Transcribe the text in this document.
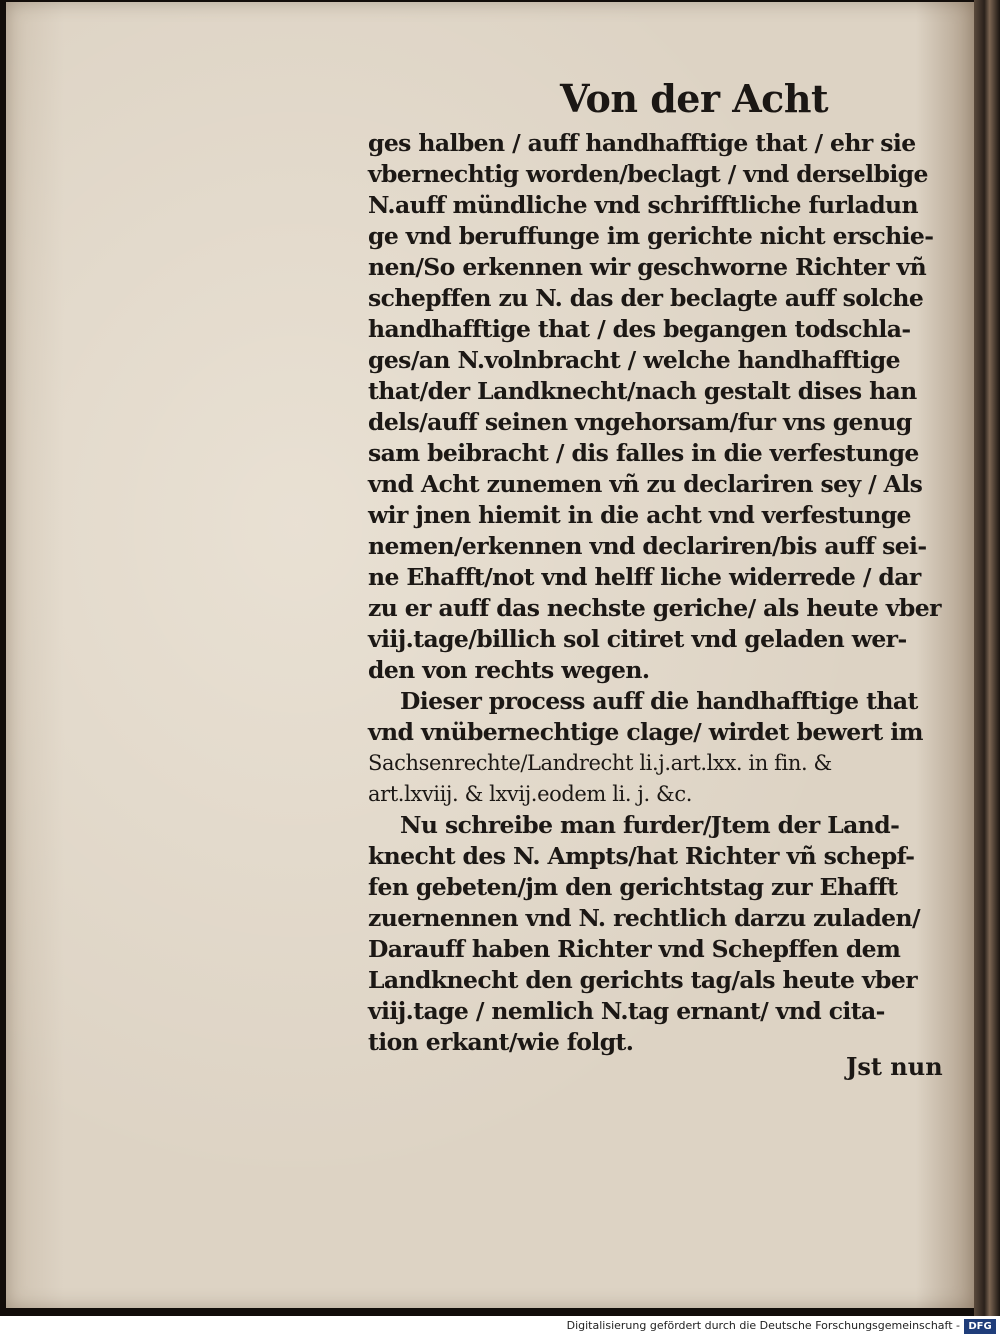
Von der Acht
ges halben / auff handhafftige that / ehr sie
vbernechtig worden/beclagt / vnd derselbige
N.auff mündliche vnd schrifftliche furladun
ge vnd beruffunge im gerichte nicht erschie-
nen/So erkennen wir geschworne Richter vñ
schepffen zu N. das der beclagte auff solche
handhafftige that / des begangen todschla-
ges/an N.volnbracht / welche handhafftige
that/der Landknecht/nach gestalt dises han
dels/auff seinen vngehorsam/fur vns genug
sam beibracht / dis falles in die verfestunge
vnd Acht zunemen vñ zu declariren sey / Als
wir jnen hiemit in die acht vnd verfestunge
nemen/erkennen vnd declariren/bis auff sei-
ne Ehafft/not vnd helff liche widerrede / dar
zu er auff das nechste geriche/ als heute vber
viij.tage/billich sol citiret vnd geladen wer-
den von rechts wegen.
Dieser process auff die handhafftige that
vnd vnübernechtige clage/ wirdet bewert im
Sachsenrechte/Landrecht li.j.art.lxx. in fin. &
art.lxviij. & lxvij.eodem li. j. &c.
Nu schreibe man furder/Jtem der Land-
knecht des N. Ampts/hat Richter vñ schepf-
fen gebeten/jm den gerichtstag zur Ehafft
zuernennen vnd N. rechtlich darzu zuladen/
Darauff haben Richter vnd Schepffen dem
Landknecht den gerichts tag/als heute vber
viij.tage / nemlich N.tag ernant/ vnd cita-
tion erkant/wie folgt.
Jst nun
Digitalisierung gefördert durch die Deutsche Forschungsgemeinschaft - DFG
